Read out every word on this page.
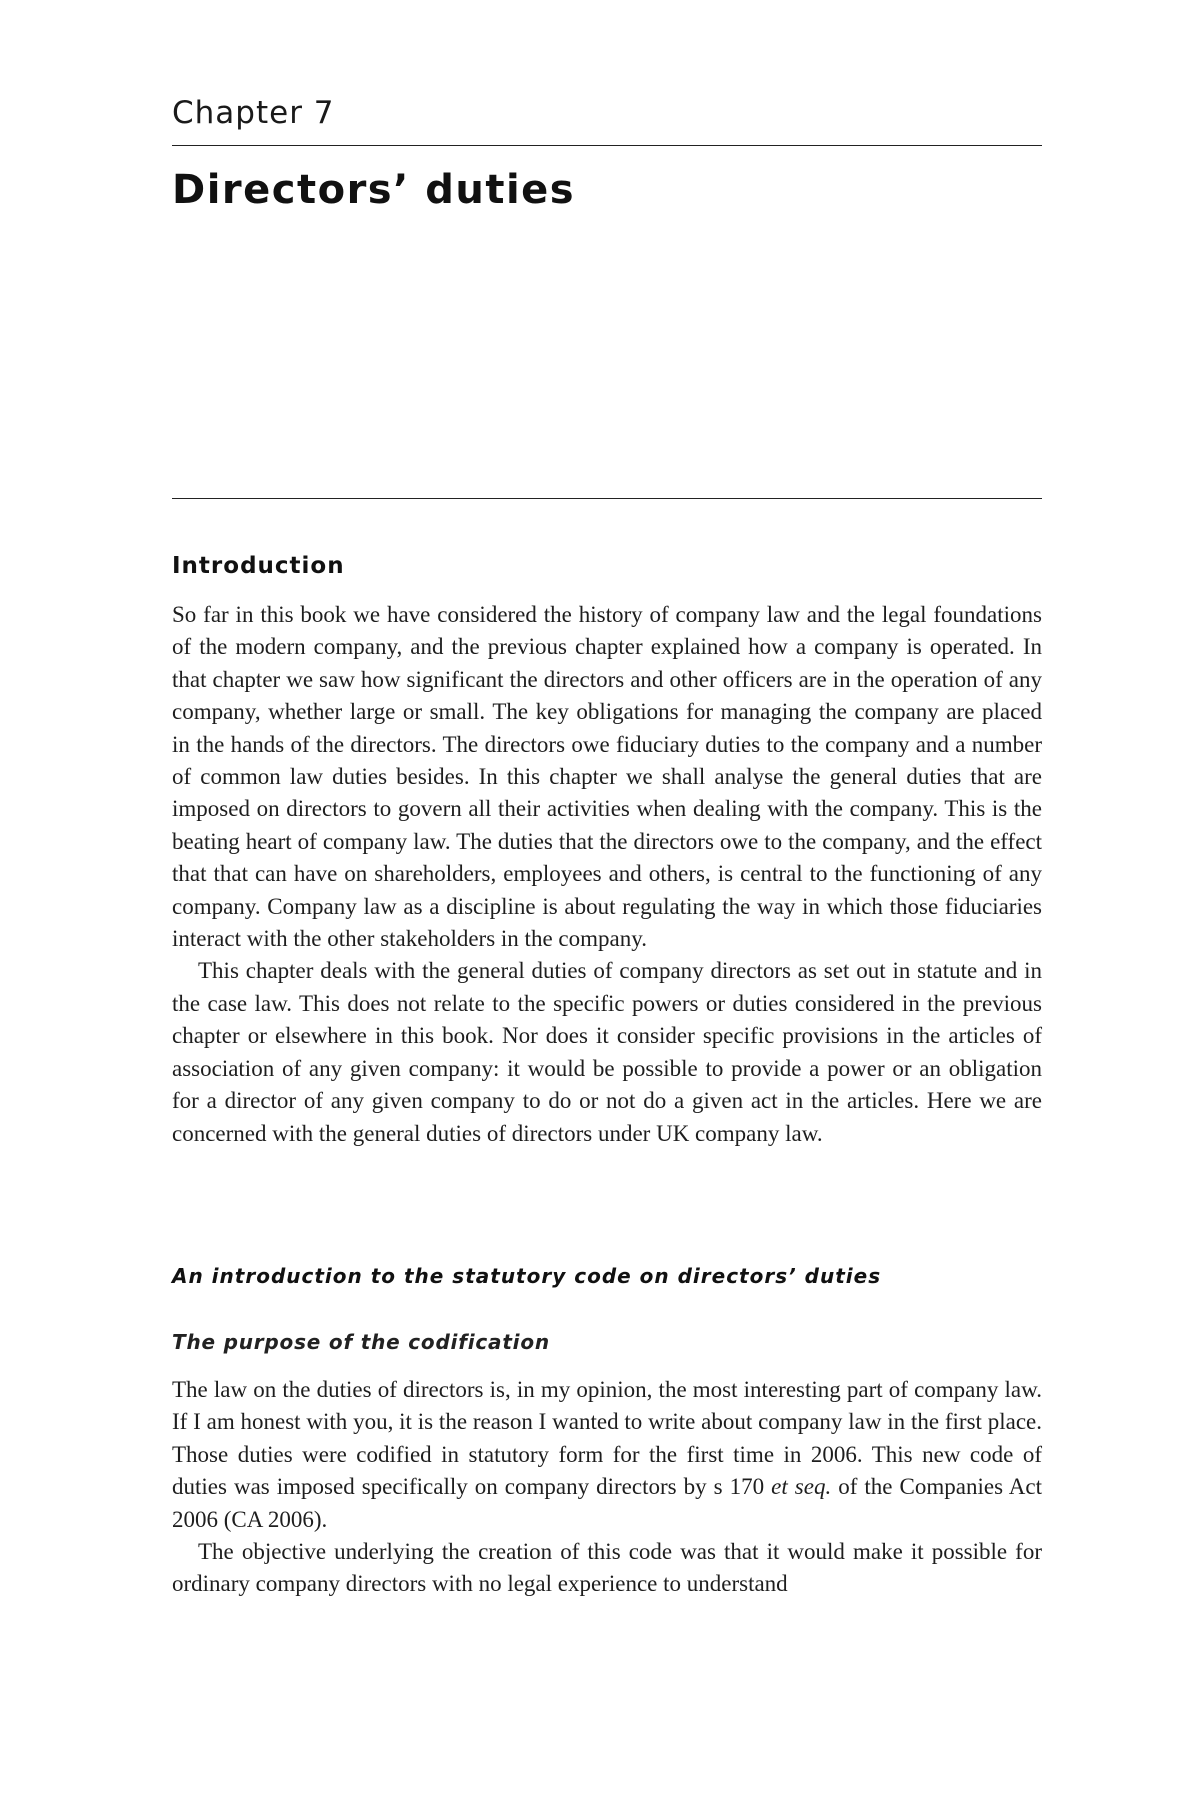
Chapter 7
Directors’ duties
Introduction

So far in this book we have considered the history of company law and the legal foundations of the modern company, and the previous chapter explained how a company is operated. In that chapter we saw how significant the directors and other officers are in the operation of any company, whether large or small. The key obligations for managing the company are placed in the hands of the directors. The directors owe fiduciary duties to the company and a number of common law duties besides. In this chapter we shall analyse the general duties that are imposed on directors to govern all their activities when dealing with the company. This is the beating heart of company law. The duties that the directors owe to the company, and the effect that that can have on shareholders, employees and others, is central to the functioning of any company. Company law as a discipline is about regulating the way in which those fiduciaries interact with the other stakeholders in the company.

This chapter deals with the general duties of company directors as set out in statute and in the case law. This does not relate to the specific powers or duties considered in the previous chapter or elsewhere in this book. Nor does it consider specific provisions in the articles of association of any given company: it would be possible to provide a power or an obligation for a director of any given company to do or not do a given act in the articles. Here we are concerned with the general duties of directors under UK company law.

An introduction to the statutory code on directors’ duties
The purpose of the codification

The law on the duties of directors is, in my opinion, the most interesting part of company law. If I am honest with you, it is the reason I wanted to write about company law in the first place. Those duties were codified in statutory form for the first time in 2006. This new code of duties was imposed specifically on company directors by s 170 et seq. of the Companies Act 2006 (CA 2006).

The objective underlying the creation of this code was that it would make it possible for ordinary company directors with no legal experience to understand
